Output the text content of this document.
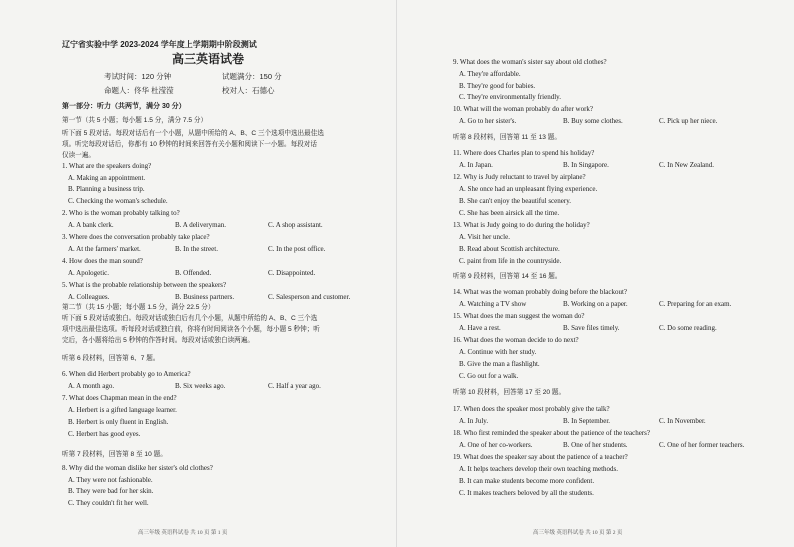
辽宁省实验中学 2023-2024 学年度上学期期中阶段测试
高三英语试卷
考试时间：120 分钟	试题满分：150 分
命题人：佟华 杜滢滢	校对人：石德心
第一部分：听力（共两节，满分 30 分）
第一节（共 5 小题；每小题 1.5 分，满分 7.5 分）
听下面 5 段对话。每段对话后有一个小题，从题中所给的 A、B、C 三个选项中选出最佳选
项。听完每段对话后，你都有 10 秒钟的时间来回答有关小题和阅读下一小题。每段对话
仅读一遍。
1. What are the speakers doing?
A. Making an appointment.
B. Planning a business trip.
C. Checking the woman's schedule.
2. Who is the woman probably talking to?
A. A bank clerk.	B. A deliveryman.	C. A shop assistant.
3. Where does the conversation probably take place?
A. At the farmers' market.	B. In the street.	C. In the post office.
4. How does the man sound?
A. Apologetic.	B. Offended.	C. Disappointed.
5. What is the probable relationship between the speakers?
A. Colleagues.	B. Business partners.	C. Salesperson and customer.
第二节（共 15 小题；每小题 1.5 分，满分 22.5 分）
听下面 5 段对话或独白。每段对话或独白后有几个小题，从题中所给的 A、B、C 三个选
项中选出最佳选项。听每段对话或独白前，你将有时间阅读各个小题，每小题 5 秒钟；听
完后，各小题将给出 5 秒钟的作答时间。每段对话或独白读两遍。
听第 6 段材料，回答第 6、7 题。
6. When did Herbert probably go to America?
A. A month ago.	B. Six weeks ago.	C. Half a year ago.
7. What does Chapman mean in the end?
A. Herbert is a gifted language learner.
B. Herbert is only fluent in English.
C. Herbert has good eyes.
听第 7 段材料，回答第 8 至 10 题。
8. Why did the woman dislike her sister's old clothes?
A. They were not fashionable.
B. They were bad for her skin.
C. They couldn't fit her well.
高三年级 英语科试卷 共 10 页 第 1 页
9. What does the woman's sister say about old clothes?
A. They're affordable.
B. They're good for babies.
C. They're environmentally friendly.
10. What will the woman probably do after work?
A. Go to her sister's.	B. Buy some clothes.	C. Pick up her niece.
听第 8 段材料，回答第 11 至 13 题。
11. Where does Charles plan to spend his holiday?
A. In Japan.	B. In Singapore.	C. In New Zealand.
12. Why is Judy reluctant to travel by airplane?
A. She once had an unpleasant flying experience.
B. She can't enjoy the beautiful scenery.
C. She has been airsick all the time.
13. What is Judy going to do during the holiday?
A. Visit her uncle.
B. Read about Scottish architecture.
C. paint from life in the countryside.
听第 9 段材料，回答第 14 至 16 题。
14. What was the woman probably doing before the blackout?
A. Watching a TV show	B. Working on a paper.	C. Preparing for an exam.
15. What does the man suggest the woman do?
A. Have a rest.	B. Save files timely.	C. Do some reading.
16. What does the woman decide to do next?
A. Continue with her study.
B. Give the man a flashlight.
C. Go out for a walk.
听第 10 段材料，回答第 17 至 20 题。
17. When does the speaker most probably give the talk?
A. In July.	B. In September.	C. In November.
18. Who first reminded the speaker about the patience of the teachers?
A. One of her co-workers.	B. One of her students.	C. One of her former teachers.
19. What does the speaker say about the patience of a teacher?
A. It helps teachers develop their own teaching methods.
B. It can make students become more confident.
C. It makes teachers beloved by all the students.
高三年级 英语科试卷 共 10 页 第 2 页
